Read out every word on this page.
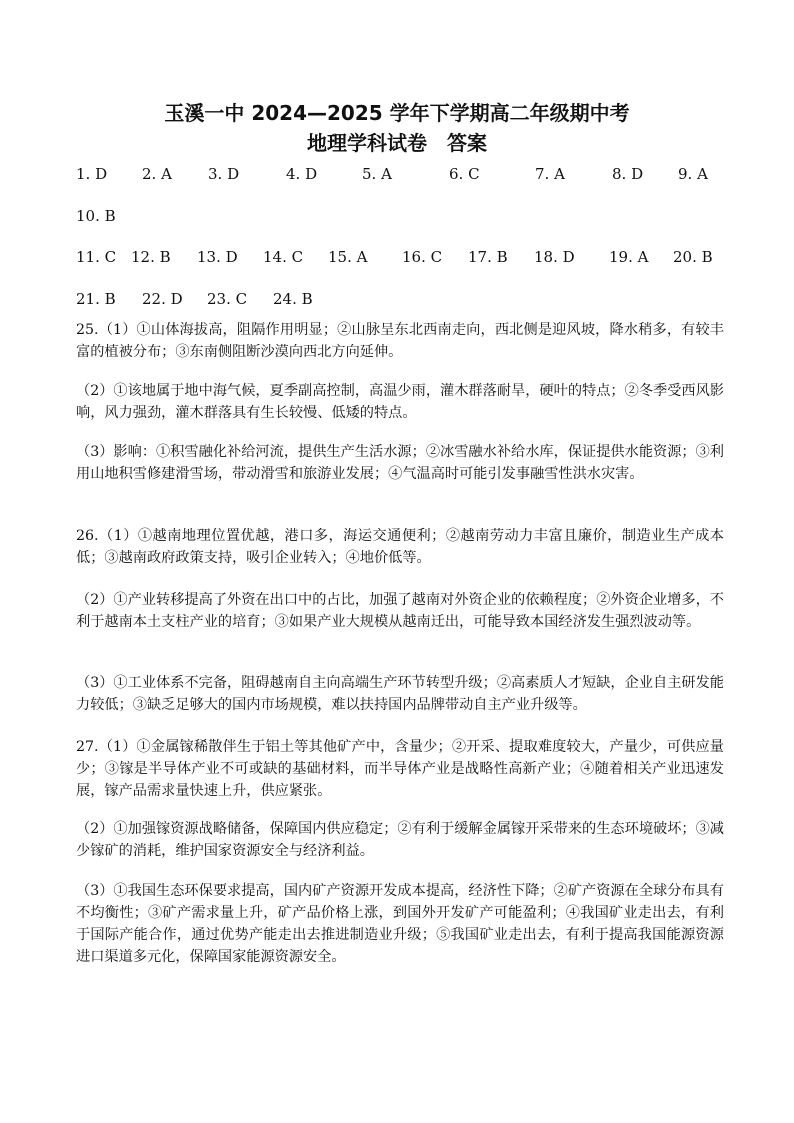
玉溪一中 2024—2025 学年下学期高二年级期中考
地理学科试卷　答案

1. D

2. A

3. D

	4. D

	5. A

	6. C

	7. A

	8. D

9. A

10. B

11. C

12. B

13. D

14. C

15. A

16. C

17. B

18. D

19. A

20. B

21. B

22. D

23. C

24. B

25.（1）①山体海拔高，阻隔作用明显；②山脉呈东北西南走向，西北侧是迎风坡，降水稍多，有较丰富的植被分布；③东南侧阻断沙漠向西北方向延伸。
（2）①该地属于地中海气候，夏季副高控制，高温少雨，灌木群落耐旱，硬叶的特点；②冬季受西风影响，风力强劲，灌木群落具有生长较慢、低矮的特点。
（3）影响：①积雪融化补给河流，提供生产生活水源；②冰雪融水补给水库，保证提供水能资源；③利用山地积雪修建滑雪场，带动滑雪和旅游业发展；④气温高时可能引发事融雪性洪水灾害。
26.（1）①越南地理位置优越，港口多，海运交通便利；②越南劳动力丰富且廉价，制造业生产成本低；③越南政府政策支持，吸引企业转入；④地价低等。
（2）①产业转移提高了外资在出口中的占比，加强了越南对外资企业的依赖程度；②外资企业增多，不利于越南本土支柱产业的培育；③如果产业大规模从越南迁出，可能导致本国经济发生强烈波动等。
（3）①工业体系不完备，阻碍越南自主向高端生产环节转型升级；②高素质人才短缺，企业自主研发能力较低；③缺乏足够大的国内市场规模，难以扶持国内品牌带动自主产业升级等。
27.（1）①金属镓稀散伴生于铝土等其他矿产中，含量少；②开采、提取难度较大，产量少，可供应量少；③镓是半导体产业不可或缺的基础材料，而半导体产业是战略性高新产业；④随着相关产业迅速发展，镓产品需求量快速上升，供应紧张。
（2）①加强镓资源战略储备，保障国内供应稳定；②有利于缓解金属镓开采带来的生态环境破坏；③减少镓矿的消耗，维护国家资源安全与经济利益。
（3）①我国生态环保要求提高，国内矿产资源开发成本提高，经济性下降；②矿产资源在全球分布具有不均衡性；③矿产需求量上升，矿产品价格上涨，到国外开发矿产可能盈利；④我国矿业走出去，有利于国际产能合作，通过优势产能走出去推进制造业升级；⑤我国矿业走出去，有利于提高我国能源资源进口渠道多元化，保障国家能源资源安全。
